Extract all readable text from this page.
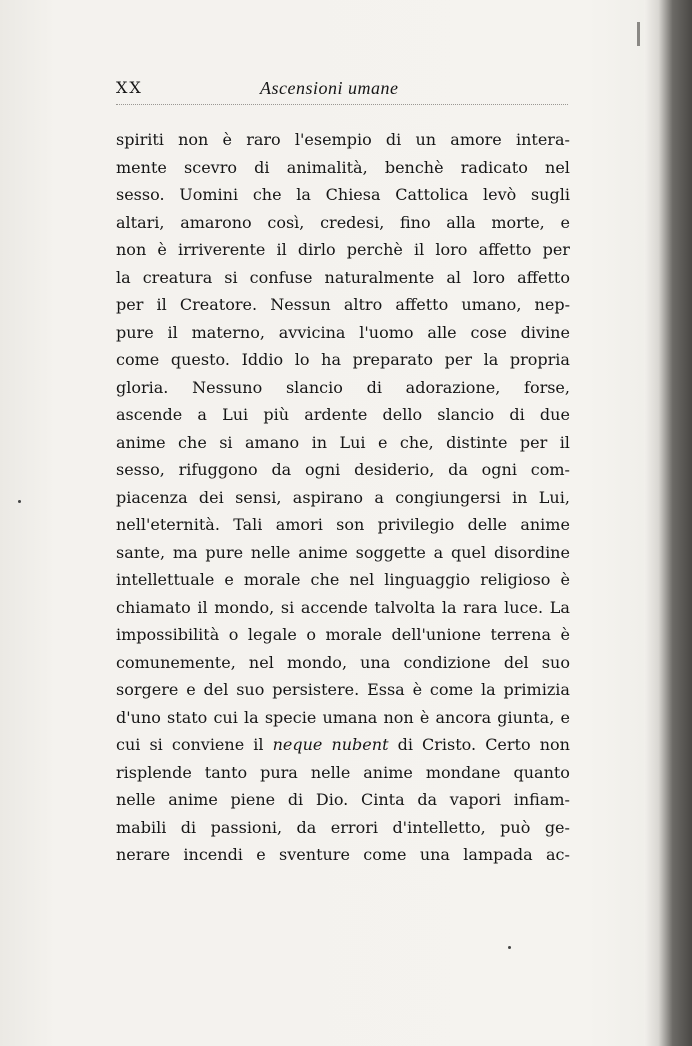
XX	Ascensioni umane
spiriti non è raro l'esempio di un amore intera-
mente scevro di animalità, benchè radicato nel
sesso. Uomini che la Chiesa Cattolica levò sugli
altari, amarono così, credesi, fino alla morte, e
non è irriverente il dirlo perchè il loro affetto per
la creatura si confuse naturalmente al loro affetto
per il Creatore. Nessun altro affetto umano, nep-
pure il materno, avvicina l'uomo alle cose divine
come questo. Iddio lo ha preparato per la propria
gloria. Nessuno slancio di adorazione, forse,
ascende a Lui più ardente dello slancio di due
anime che si amano in Lui e che, distinte per il
sesso, rifuggono da ogni desiderio, da ogni com-
piacenza dei sensi, aspirano a congiungersi in Lui,
nell'eternità. Tali amori son privilegio delle anime
sante, ma pure nelle anime soggette a quel disordine
intellettuale e morale che nel linguaggio religioso è
chiamato il mondo, si accende talvolta la rara luce. La
impossibilità o legale o morale dell'unione terrena è
comunemente, nel mondo, una condizione del suo
sorgere e del suo persistere. Essa è come la primizia
d'uno stato cui la specie umana non è ancora giunta, e
cui si conviene il neque nubent di Cristo. Certo non
risplende tanto pura nelle anime mondane quanto
nelle anime piene di Dio. Cinta da vapori infiam-
mabili di passioni, da errori d'intelletto, può ge-
nerare incendi e sventure come una lampada ac-
